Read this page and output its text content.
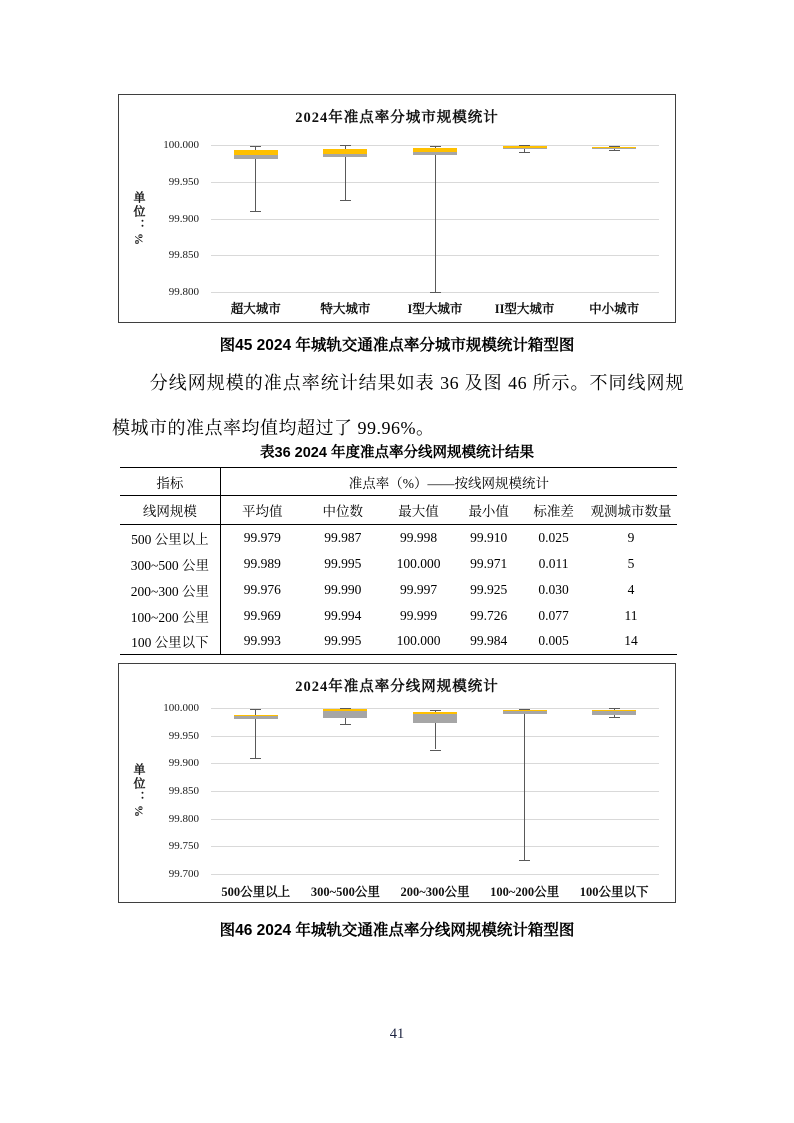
2024年准点率分城市规模统计
单位：%
100.000
99.950
99.900
99.850
99.800
超大城市	特大城市	I型大城市	II型大城市	中小城市
图45 2024 年城轨交通准点率分城市规模统计箱型图
分线网规模的准点率统计结果如表 36 及图 46 所示。不同线网规模城市的准点率均值均超过了 99.96%。
表36 2024 年度准点率分线网规模统计结果
指标	准点率（%）——按线网规模统计					
线网规模	平均值	中位数	最大值	最小值	标准差	观测城市数量
500 公里以上	99.979	99.987	99.998	99.910	0.025	9
300~500 公里	99.989	99.995	100.000	99.971	0.011	5
200~300 公里	99.976	99.990	99.997	99.925	0.030	4
100~200 公里	99.969	99.994	99.999	99.726	0.077	11
100 公里以下	99.993	99.995	100.000	99.984	0.005	14
2024年准点率分线网规模统计
单位：%
100.000
99.950
99.900
99.850
99.800
99.750
99.700
500公里以上	300~500公里	200~300公里	100~200公里	100公里以下
图46 2024 年城轨交通准点率分线网规模统计箱型图
41
